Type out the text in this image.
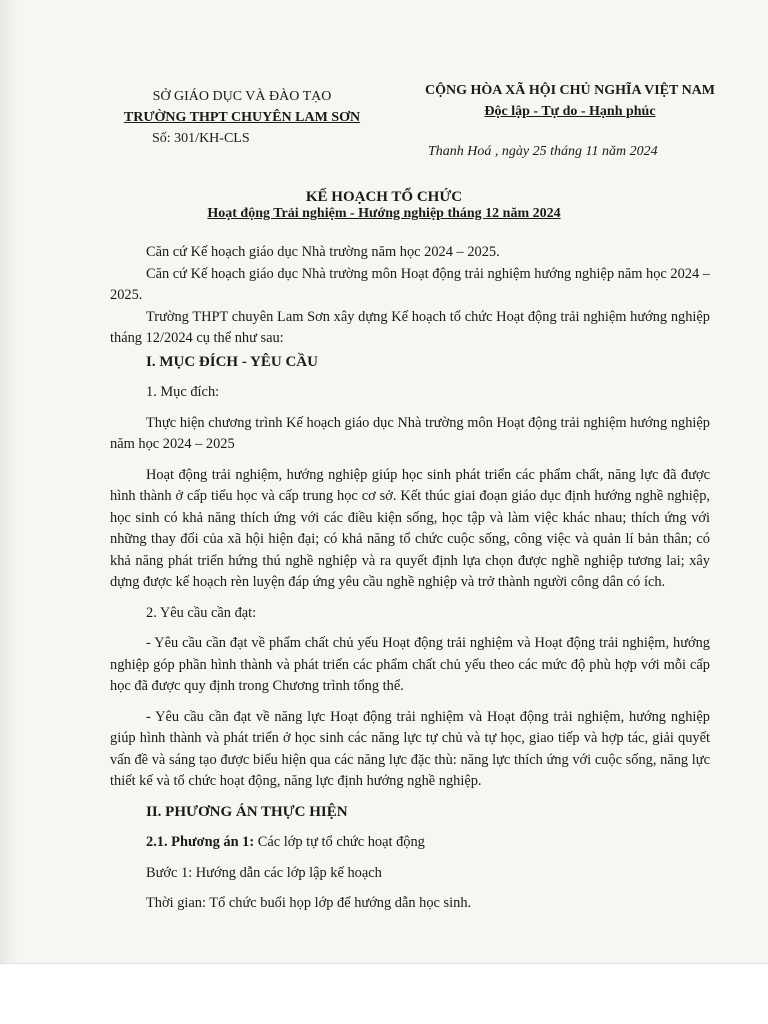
SỞ GIÁO DỤC VÀ ĐÀO TẠO
TRƯỜNG THPT CHUYÊN LAM SƠN
Số: 301/KH-CLS
CỘNG HÒA XÃ HỘI CHỦ NGHĨA VIỆT NAM
Độc lập - Tự do - Hạnh phúc
Thanh Hoá , ngày 25 tháng 11 năm 2024
KẾ HOẠCH TỔ CHỨC
Hoạt động Trải nghiệm - Hướng nghiệp tháng 12 năm 2024

Căn cứ Kế hoạch giáo dục Nhà trường năm học 2024 – 2025.

Căn cứ Kế hoạch giáo dục Nhà trường môn Hoạt động trải nghiệm hướng nghiệp năm học 2024 – 2025.

Trường THPT chuyên Lam Sơn xây dựng Kế hoạch tổ chức Hoạt động trải nghiệm hướng nghiệp tháng 12/2024 cụ thể như sau:

I. MỤC ĐÍCH - YÊU CẦU

1. Mục đích:

Thực hiện chương trình Kế hoạch giáo dục Nhà trường môn Hoạt động trải nghiệm hướng nghiệp năm học 2024 – 2025

Hoạt động trải nghiệm, hướng nghiệp giúp học sinh phát triển các phẩm chất, năng lực đã được hình thành ở cấp tiểu học và cấp trung học cơ sở. Kết thúc giai đoạn giáo dục định hướng nghề nghiệp, học sinh có khả năng thích ứng với các điều kiện sống, học tập và làm việc khác nhau; thích ứng với những thay đổi của xã hội hiện đại; có khả năng tổ chức cuộc sống, công việc và quản lí bản thân; có khả năng phát triển hứng thú nghề nghiệp và ra quyết định lựa chọn được nghề nghiệp tương lai; xây dựng được kế hoạch rèn luyện đáp ứng yêu cầu nghề nghiệp và trở thành người công dân có ích.

2. Yêu cầu cần đạt:

- Yêu cầu cần đạt về phẩm chất chủ yếu Hoạt động trải nghiệm và Hoạt động trải nghiệm, hướng nghiệp góp phần hình thành và phát triển các phẩm chất chủ yếu theo các mức độ phù hợp với mỗi cấp học đã được quy định trong Chương trình tổng thể.

- Yêu cầu cần đạt về năng lực Hoạt động trải nghiệm và Hoạt động trải nghiệm, hướng nghiệp giúp hình thành và phát triển ở học sinh các năng lực tự chủ và tự học, giao tiếp và hợp tác, giải quyết vấn đề và sáng tạo được biểu hiện qua các năng lực đặc thù: năng lực thích ứng với cuộc sống, năng lực thiết kế và tổ chức hoạt động, năng lực định hướng nghề nghiệp.

II. PHƯƠNG ÁN THỰC HIỆN

2.1. Phương án 1: Các lớp tự tổ chức hoạt động

Bước 1: Hướng dẫn các lớp lập kế hoạch

Thời gian: Tổ chức buổi họp lớp để hướng dẫn học sinh.
